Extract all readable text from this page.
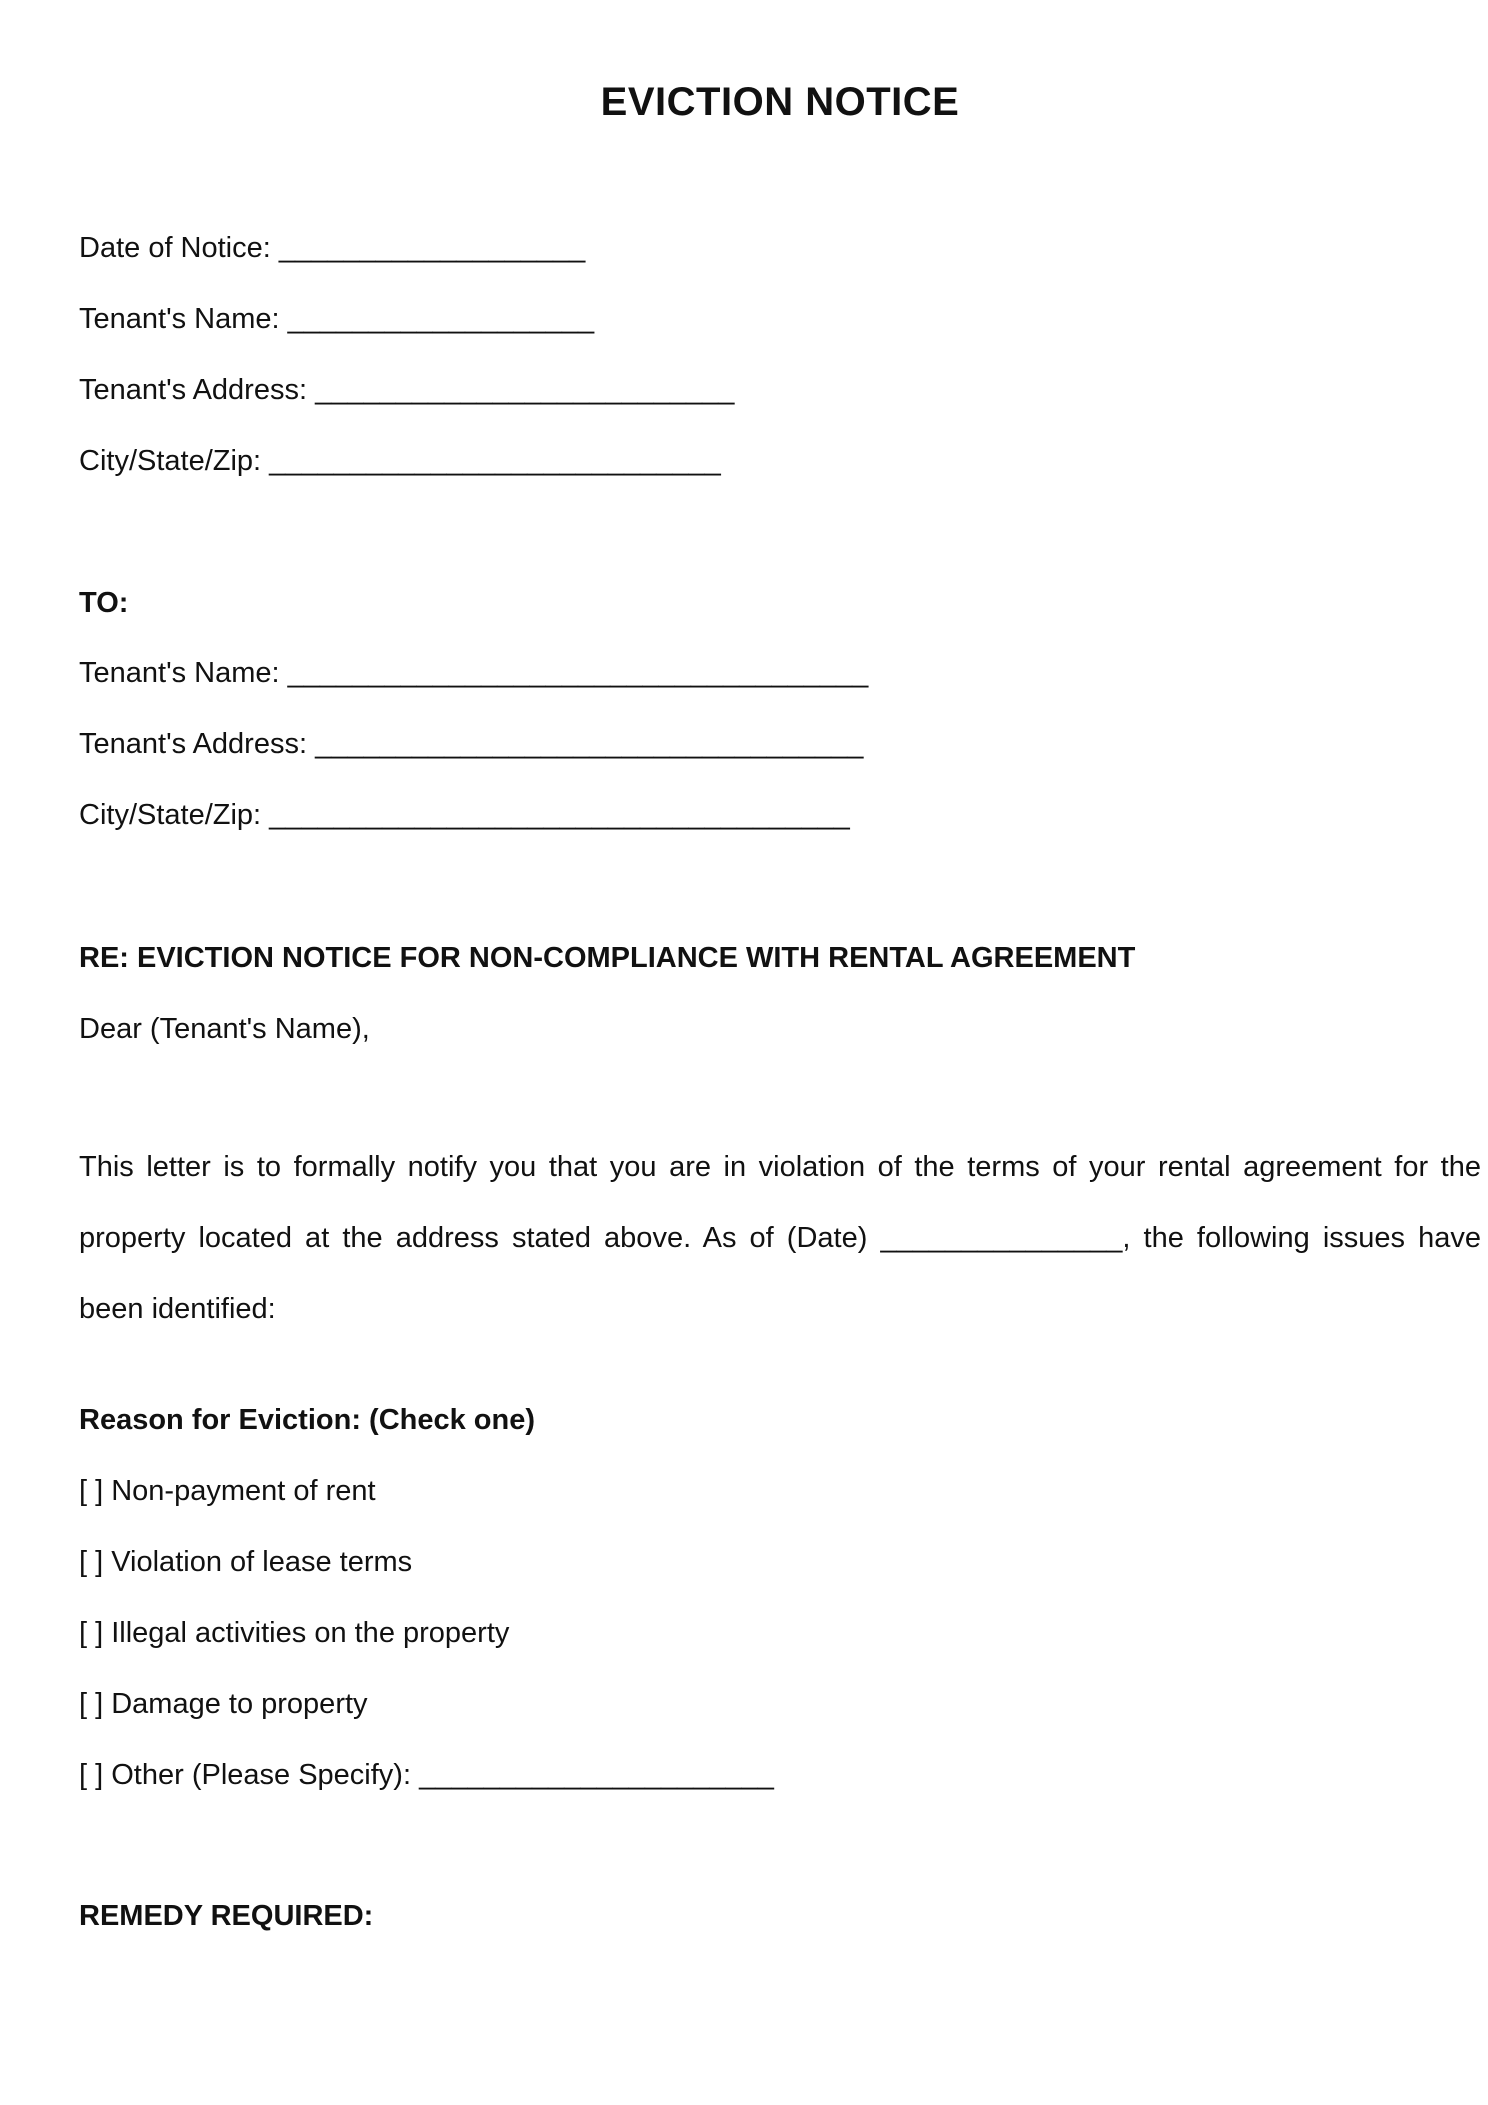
EVICTION NOTICE
Date of Notice: ___________________
Tenant's Name: ___________________
Tenant's Address: __________________________
City/State/Zip: ____________________________
TO:
Tenant's Name: ____________________________________
Tenant's Address: __________________________________
City/State/Zip: ____________________________________
RE: EVICTION NOTICE FOR NON-COMPLIANCE WITH RENTAL AGREEMENT
Dear (Tenant's Name),
This letter is to formally notify you that you are in violation of the terms of your rental agreement for the property located at the address stated above. As of (Date) _______________, the following issues have been identified:
Reason for Eviction: (Check one)
[ ] Non-payment of rent
[ ] Violation of lease terms
[ ] Illegal activities on the property
[ ] Damage to property
[ ] Other (Please Specify): ______________________
REMEDY REQUIRED:
